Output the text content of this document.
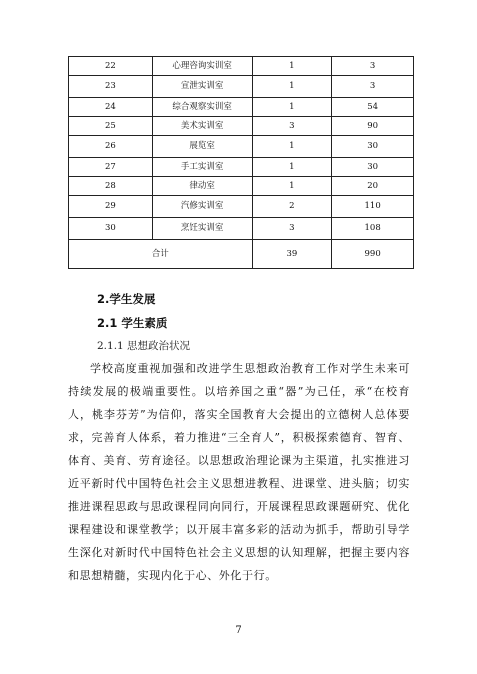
22	心理咨询实训室	1	3
23	宣泄实训室	1	3
24	综合观察实训室	1	54
25	美术实训室	3	90
26	展览室	1	30
27	手工实训室	1	30
28	律动室	1	20
29	汽修实训室	2	110
30	烹饪实训室	3	108
合计		39	990
2.学生发展
2.1 学生素质
2.1.1 思想政治状况
学校高度重视加强和改进学生思想政治教育工作对学生未来可持续发展的极端重要性。以培养国之重“器”为己任，承“在校育人，桃李芬芳”为信仰，落实全国教育大会提出的立德树人总体要求，完善育人体系，着力推进“三全育人”，积极探索德育、智育、体育、美育、劳育途径。以思想政治理论课为主渠道，扎实推进习近平新时代中国特色社会主义思想进教程、进课堂、进头脑；切实推进课程思政与思政课程同向同行，开展课程思政课题研究、优化课程建设和课堂教学；以开展丰富多彩的活动为抓手，帮助引导学生深化对新时代中国特色社会主义思想的认知理解，把握主要内容和思想精髓，实现内化于心、外化于行。
7
